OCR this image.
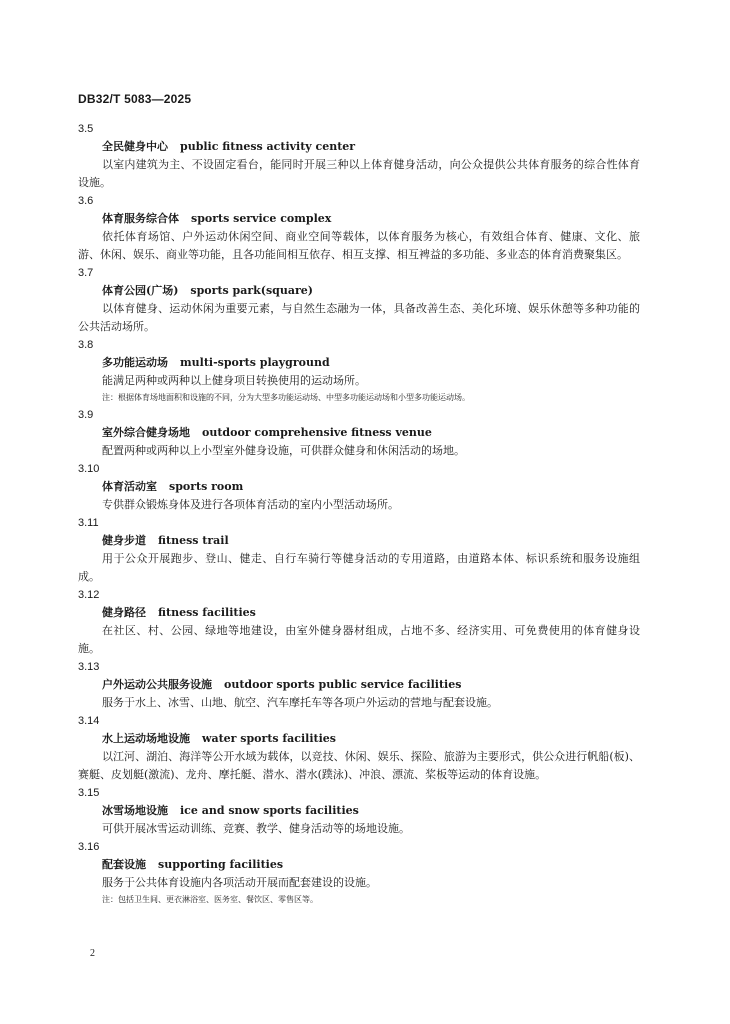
DB32/T 5083—2025
3.5
全民健身中心 public fitness activity center
以室内建筑为主、不设固定看台，能同时开展三种以上体育健身活动，向公众提供公共体育服务的综合性体育设施。
3.6
体育服务综合体 sports service complex
依托体育场馆、户外运动休闲空间、商业空间等载体，以体育服务为核心，有效组合体育、健康、文化、旅游、休闲、娱乐、商业等功能，且各功能间相互依存、相互支撑、相互裨益的多功能、多业态的体育消费聚集区。
3.7
体育公园(广场) sports park(square)
以体育健身、运动休闲为重要元素，与自然生态融为一体，具备改善生态、美化环境、娱乐休憩等多种功能的公共活动场所。
3.8
多功能运动场 multi-sports playground
能满足两种或两种以上健身项目转换使用的运动场所。
注：根据体育场地面积和设施的不同，分为大型多功能运动场、中型多功能运动场和小型多功能运动场。
3.9
室外综合健身场地 outdoor comprehensive fitness venue
配置两种或两种以上小型室外健身设施，可供群众健身和休闲活动的场地。
3.10
体育活动室 sports room
专供群众锻炼身体及进行各项体育活动的室内小型活动场所。
3.11
健身步道 fitness trail
用于公众开展跑步、登山、健走、自行车骑行等健身活动的专用道路，由道路本体、标识系统和服务设施组成。
3.12
健身路径 fitness facilities
在社区、村、公园、绿地等地建设，由室外健身器材组成，占地不多、经济实用、可免费使用的体育健身设施。
3.13
户外运动公共服务设施 outdoor sports public service facilities
服务于水上、冰雪、山地、航空、汽车摩托车等各项户外运动的营地与配套设施。
3.14
水上运动场地设施 water sports facilities
以江河、湖泊、海洋等公开水域为载体，以竞技、休闲、娱乐、探险、旅游为主要形式，供公众进行帆船(板)、赛艇、皮划艇(激流)、龙舟、摩托艇、潜水、潜水(蹼泳)、冲浪、漂流、桨板等运动的体育设施。
3.15
冰雪场地设施 ice and snow sports facilities
可供开展冰雪运动训练、竞赛、教学、健身活动等的场地设施。
3.16
配套设施 supporting facilities
服务于公共体育设施内各项活动开展而配套建设的设施。
注：包括卫生间、更衣淋浴室、医务室、餐饮区、零售区等。
2
